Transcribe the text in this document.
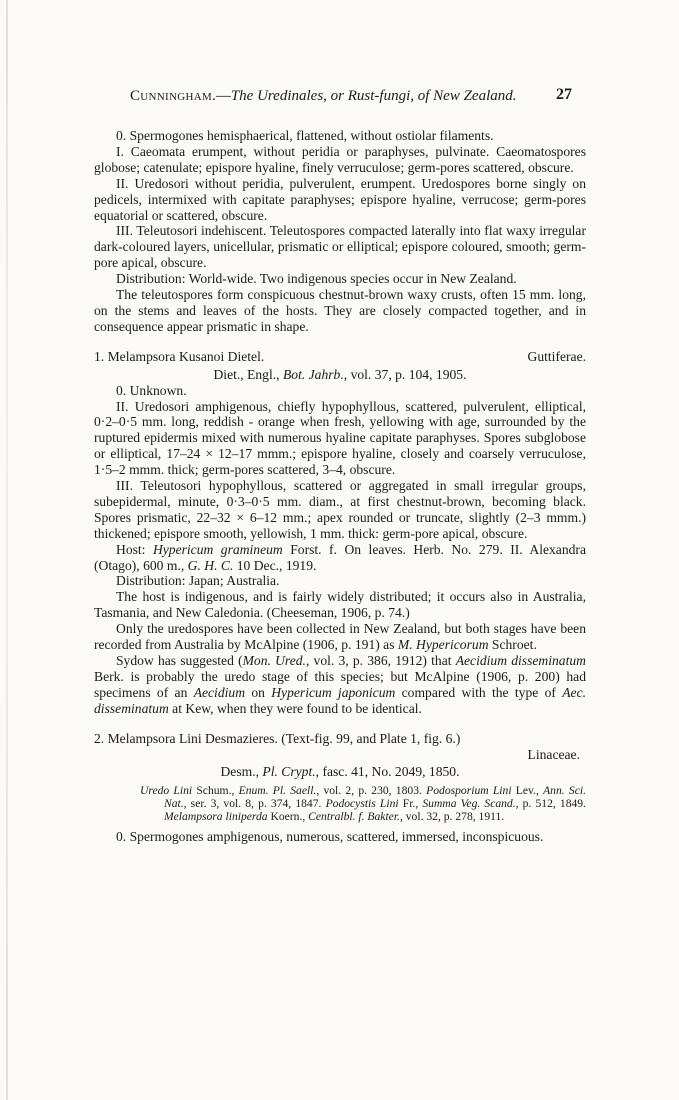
Cunningham.—The Uredinales, or Rust-fungi, of New Zealand. 27

0. Spermogones hemisphaerical, flattened, without ostiolar filaments.

I. Caeomata erumpent, without peridia or paraphyses, pulvinate. Caeomatospores globose; catenulate; epispore hyaline, finely verruculose; germ-pores scattered, obscure.

II. Uredosori without peridia, pulverulent, erumpent. Uredospores borne singly on pedicels, intermixed with capitate paraphyses; epispore hyaline, verrucose; germ-pores equatorial or scattered, obscure.

III. Teleutosori indehiscent. Teleutospores compacted laterally into flat waxy irregular dark-coloured layers, unicellular, prismatic or elliptical; epispore coloured, smooth; germ-pore apical, obscure.

Distribution: World-wide. Two indigenous species occur in New Zealand.

The teleutospores form conspicuous chestnut-brown waxy crusts, often 15 mm. long, on the stems and leaves of the hosts. They are closely compacted together, and in consequence appear prismatic in shape.

1. Melampsora Kusanoi Dietel.	Guttiferae.

Diet., Engl., Bot. Jahrb., vol. 37, p. 104, 1905.

0. Unknown.

II. Uredosori amphigenous, chiefly hypophyllous, scattered, pulverulent, elliptical, 0·2–0·5 mm. long, reddish - orange when fresh, yellowing with age, surrounded by the ruptured epidermis mixed with numerous hyaline capitate paraphyses. Spores subglobose or elliptical, 17–24 × 12–17 mmm.; epispore hyaline, closely and coarsely verruculose, 1·5–2 mmm. thick; germ-pores scattered, 3–4, obscure.

III. Teleutosori hypophyllous, scattered or aggregated in small irregular groups, subepidermal, minute, 0·3–0·5 mm. diam., at first chestnut-brown, becoming black. Spores prismatic, 22–32 × 6–12 mm.; apex rounded or truncate, slightly (2–3 mmm.) thickened; epispore smooth, yellowish, 1 mm. thick: germ-pore apical, obscure.

Host: Hypericum gramineum Forst. f. On leaves. Herb. No. 279. II. Alexandra (Otago), 600 m., G. H. C. 10 Dec., 1919.

Distribution: Japan; Australia.

The host is indigenous, and is fairly widely distributed; it occurs also in Australia, Tasmania, and New Caledonia. (Cheeseman, 1906, p. 74.)

Only the uredospores have been collected in New Zealand, but both stages have been recorded from Australia by McAlpine (1906, p. 191) as M. Hypericorum Schroet.

Sydow has suggested (Mon. Ured., vol. 3, p. 386, 1912) that Aecidium disseminatum Berk. is probably the uredo stage of this species; but McAlpine (1906, p. 200) had specimens of an Aecidium on Hypericum japonicum compared with the type of Aec. disseminatum at Kew, when they were found to be identical.

2. Melampsora Lini Desmazieres. (Text-fig. 99, and Plate 1, fig. 6.)

Linaceae.

Desm., Pl. Crypt., fasc. 41, No. 2049, 1850.

Uredo Lini Schum., Enum. Pl. Saell., vol. 2, p. 230, 1803. Podosporium Lini Lev., Ann. Sci. Nat., ser. 3, vol. 8, p. 374, 1847. Podocystis Lini Fr., Summa Veg. Scand., p. 512, 1849. Melampsora liniperda Koern., Centralbl. f. Bakter., vol. 32, p. 278, 1911.

0. Spermogones amphigenous, numerous, scattered, immersed, inconspicuous.
